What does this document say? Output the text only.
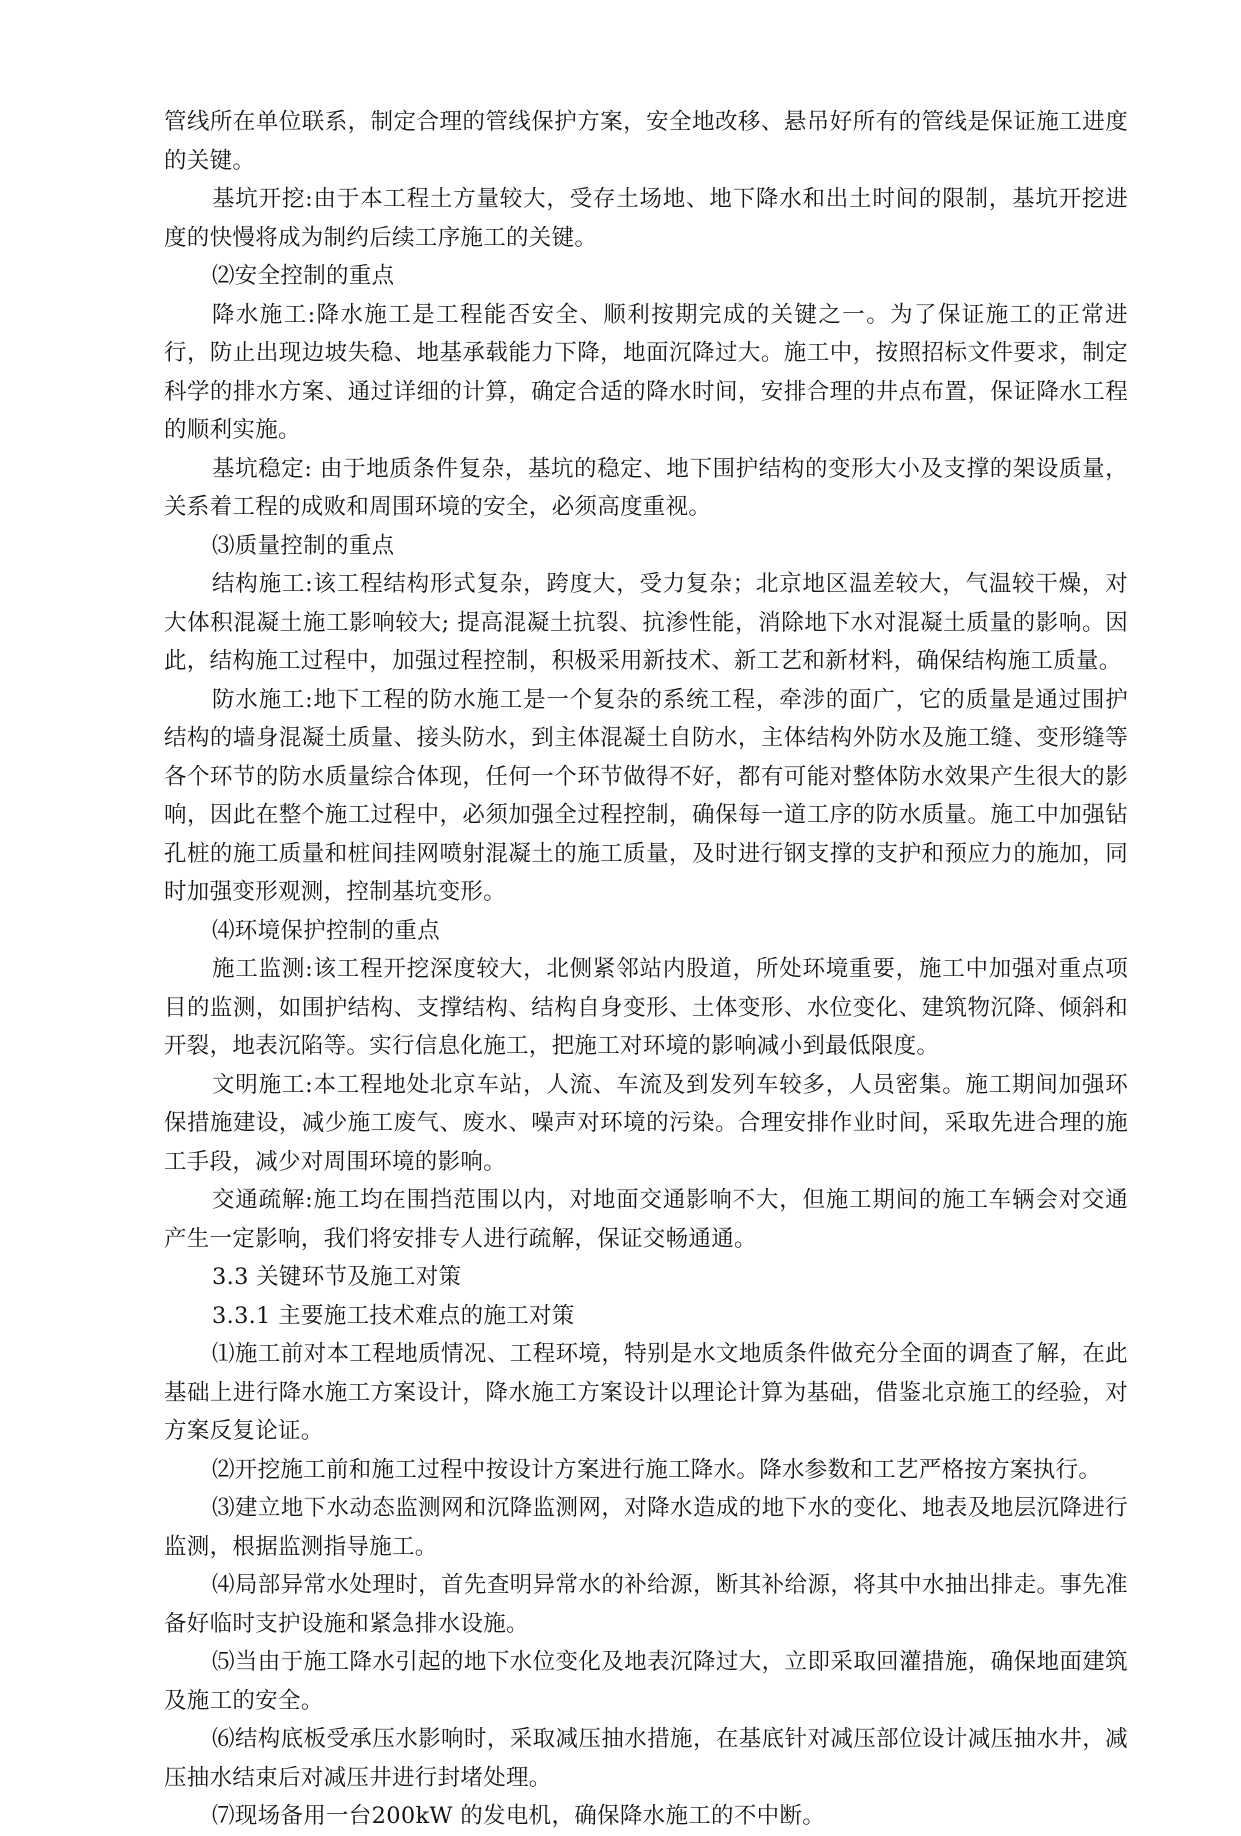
管线所在单位联系，制定合理的管线保护方案，安全地改移、悬吊好所有的管线是保证施工进度的关键。

基坑开挖:由于本工程土方量较大，受存土场地、地下降水和出土时间的限制，基坑开挖进度的快慢将成为制约后续工序施工的关键。

⑵安全控制的重点

降水施工:降水施工是工程能否安全、顺利按期完成的关键之一。为了保证施工的正常进行，防止出现边坡失稳、地基承载能力下降，地面沉降过大。施工中，按照招标文件要求，制定科学的排水方案、通过详细的计算，确定合适的降水时间，安排合理的井点布置，保证降水工程的顺利实施。

基坑稳定: 由于地质条件复杂，基坑的稳定、地下围护结构的变形大小及支撑的架设质量，关系着工程的成败和周围环境的安全，必须高度重视。

⑶质量控制的重点

结构施工:该工程结构形式复杂，跨度大，受力复杂；北京地区温差较大，气温较干燥，对大体积混凝土施工影响较大; 提高混凝土抗裂、抗渗性能，消除地下水对混凝土质量的影响。因此，结构施工过程中，加强过程控制，积极采用新技术、新工艺和新材料，确保结构施工质量。

防水施工:地下工程的防水施工是一个复杂的系统工程，牵涉的面广，它的质量是通过围护结构的墙身混凝土质量、接头防水，到主体混凝土自防水，主体结构外防水及施工缝、变形缝等各个环节的防水质量综合体现，任何一个环节做得不好，都有可能对整体防水效果产生很大的影响，因此在整个施工过程中，必须加强全过程控制，确保每一道工序的防水质量。施工中加强钻孔桩的施工质量和桩间挂网喷射混凝土的施工质量，及时进行钢支撑的支护和预应力的施加，同时加强变形观测，控制基坑变形。

⑷环境保护控制的重点

施工监测:该工程开挖深度较大，北侧紧邻站内股道，所处环境重要，施工中加强对重点项目的监测，如围护结构、支撑结构、结构自身变形、土体变形、水位变化、建筑物沉降、倾斜和开裂，地表沉陷等。实行信息化施工，把施工对环境的影响减小到最低限度。

文明施工:本工程地处北京车站，人流、车流及到发列车较多，人员密集。施工期间加强环保措施建设，减少施工废气、废水、噪声对环境的污染。合理安排作业时间，采取先进合理的施工手段，减少对周围环境的影响。

交通疏解:施工均在围挡范围以内，对地面交通影响不大，但施工期间的施工车辆会对交通产生一定影响，我们将安排专人进行疏解，保证交畅通通。

3.3 关键环节及施工对策

3.3.1 主要施工技术难点的施工对策

⑴施工前对本工程地质情况、工程环境，特别是水文地质条件做充分全面的调查了解，在此基础上进行降水施工方案设计，降水施工方案设计以理论计算为基础，借鉴北京施工的经验，对方案反复论证。

⑵开挖施工前和施工过程中按设计方案进行施工降水。降水参数和工艺严格按方案执行。

⑶建立地下水动态监测网和沉降监测网，对降水造成的地下水的变化、地表及地层沉降进行监测，根据监测指导施工。

⑷局部异常水处理时，首先查明异常水的补给源，断其补给源，将其中水抽出排走。事先准备好临时支护设施和紧急排水设施。

⑸当由于施工降水引起的地下水位变化及地表沉降过大，立即采取回灌措施，确保地面建筑及施工的安全。

⑹结构底板受承压水影响时，采取减压抽水措施，在基底针对减压部位设计减压抽水井，减压抽水结束后对减压井进行封堵处理。

⑺现场备用一台200kW 的发电机，确保降水施工的不中断。
